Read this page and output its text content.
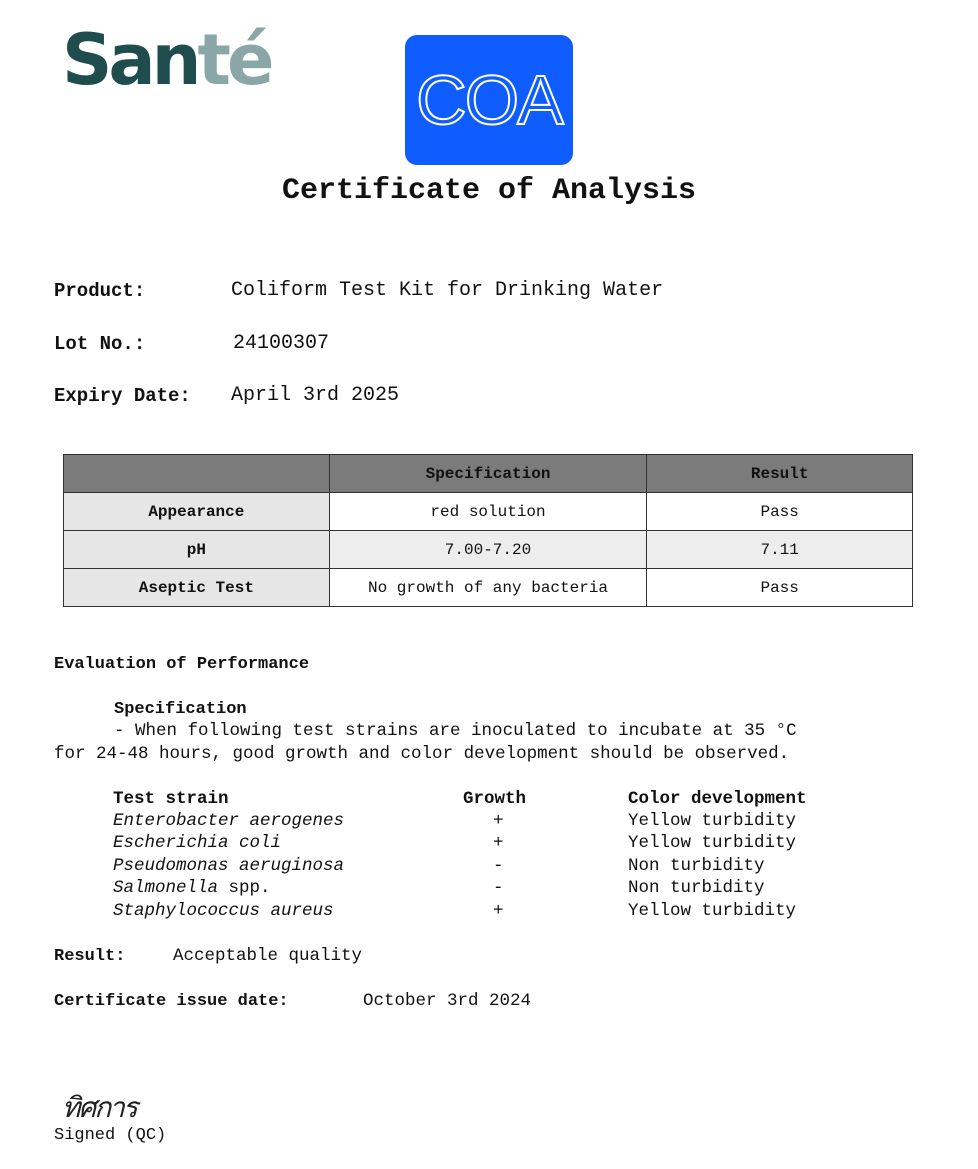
Santé COA
Certificate of Analysis
Product:	Coliform Test Kit for Drinking Water
Lot No.:	24100307
Expiry Date: April 3rd 2025
	Specification	Result
Appearance	red solution	Pass
pH	7.00-7.20	7.11
Aseptic Test	No growth of any bacteria	Pass
Evaluation of Performance
Specification
- When following test strains are inoculated to incubate at 35 °C
for 24-48 hours, good growth and color development should be observed.
Test strain	Growth	Color development
Enterobacter aerogenes	+	Yellow turbidity
Escherichia coli	+	Yellow turbidity
Pseudomonas aeruginosa	-	Non turbidity
Salmonella spp.	-	Non turbidity
Staphylococcus aureus	+	Yellow turbidity
Result:	Acceptable quality
Certificate issue date:	October 3rd 2024
ทิศการ
Signed (QC)
